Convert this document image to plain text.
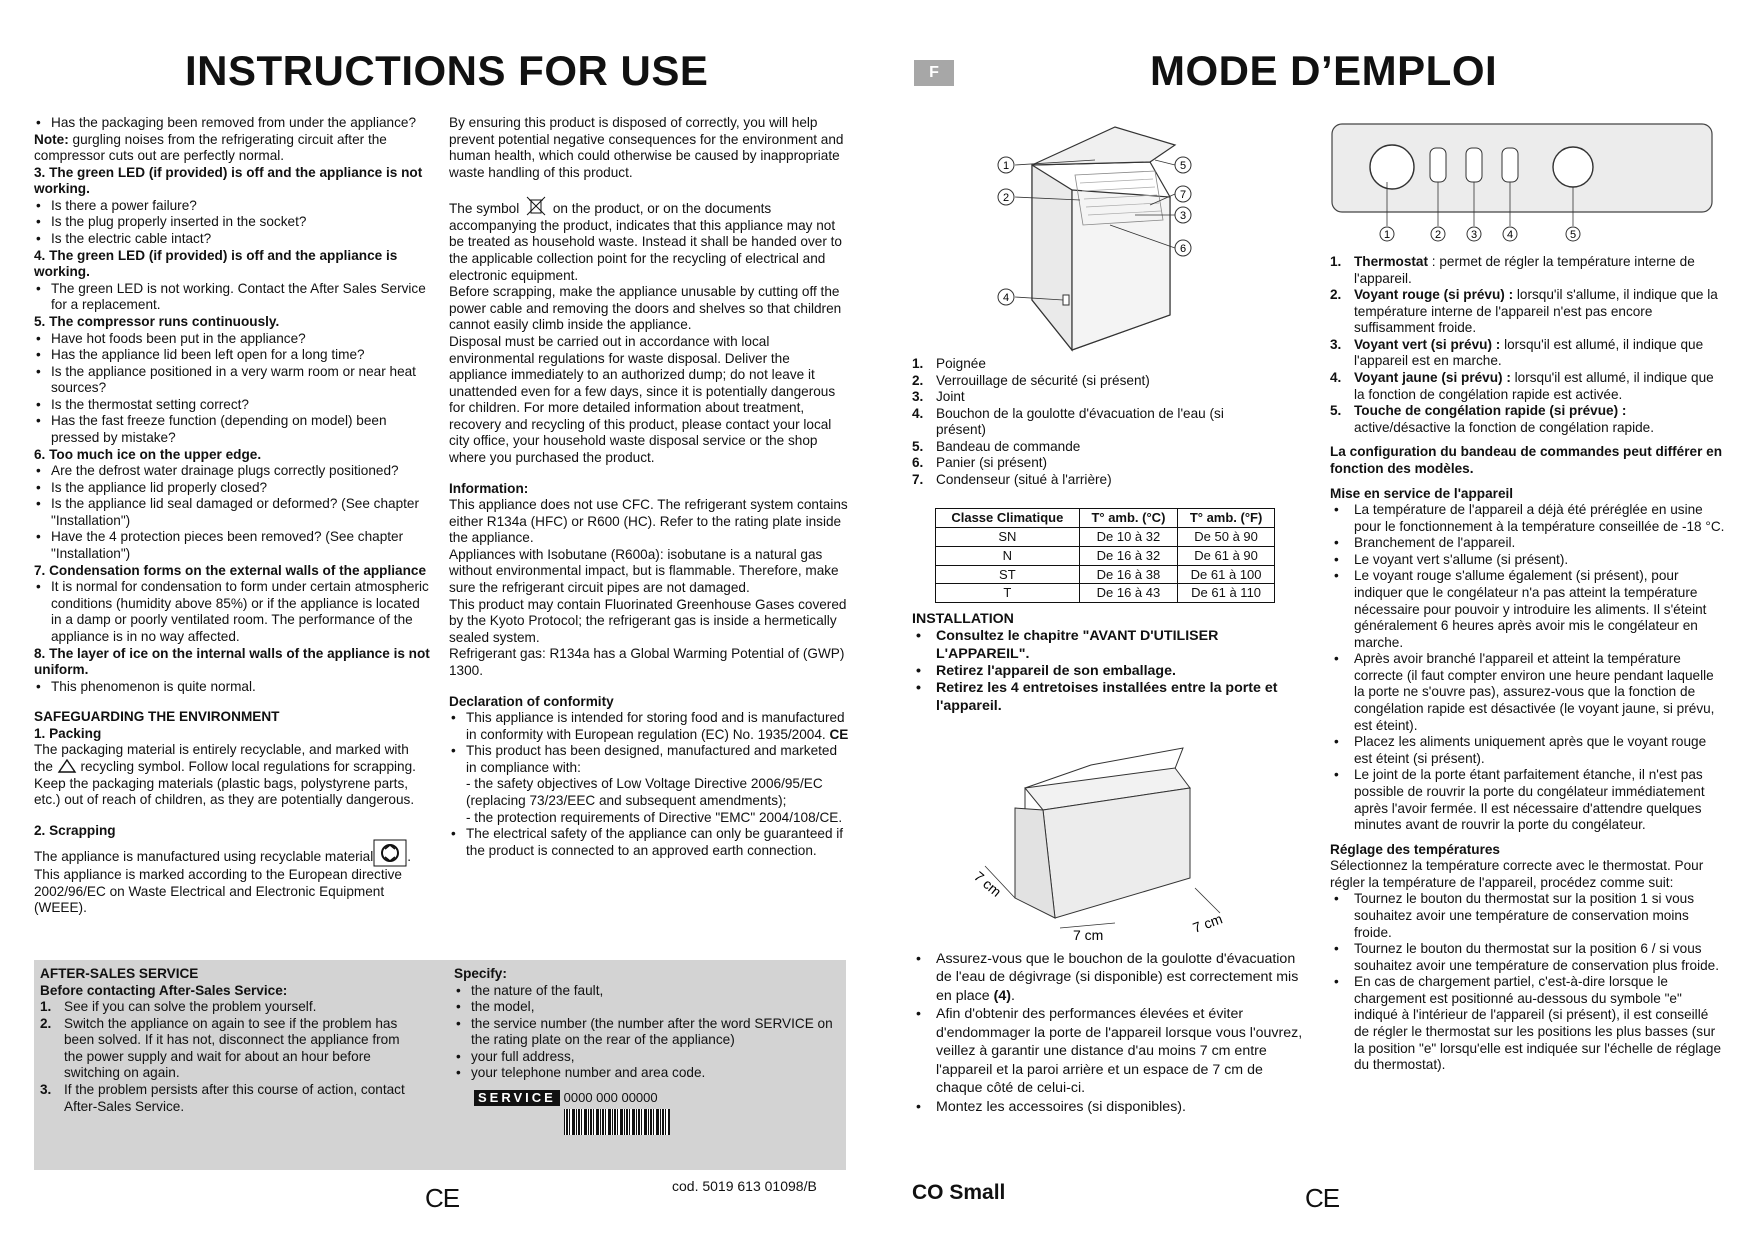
INSTRUCTIONS FOR USE	F	MODE D’EMPLOI
• Has the packaging been removed from under the appliance?

Note: gurgling noises from the refrigerating circuit after the compressor cuts out are perfectly normal.

3. The green LED (if provided) is off and the appliance is not working.

• Is there a power failure?
• Is the plug properly inserted in the socket?
• Is the electric cable intact?

4. The green LED (if provided) is off and the appliance is working.

• The green LED is not working. Contact the After Sales Service for a replacement.

5. The compressor runs continuously.

• Have hot foods been put in the appliance?
• Has the appliance lid been left open for a long time?
• Is the appliance positioned in a very warm room or near heat sources?
• Is the thermostat setting correct?
• Has the fast freeze function (depending on model) been pressed by mistake?

6. Too much ice on the upper edge.

• Are the defrost water drainage plugs correctly positioned?
• Is the appliance lid properly closed?
• Is the appliance lid seal damaged or deformed? (See chapter "Installation")
• Have the 4 protection pieces been removed? (See chapter "Installation")

7. Condensation forms on the external walls of the appliance

• It is normal for condensation to form under certain atmospheric conditions (humidity above 85%) or if the appliance is located in a damp or poorly ventilated room. The performance of the appliance is in no way affected.

8. The layer of ice on the internal walls of the appliance is not uniform.

• This phenomenon is quite normal.

SAFEGUARDING THE ENVIRONMENT

1. Packing

The packaging material is entirely recyclable, and marked with the recycling symbol. Follow local regulations for scrapping. Keep the packaging materials (plastic bags, polystyrene parts, etc.) out of reach of children, as they are potentially dangerous.

2. Scrapping

The appliance is manufactured using recyclable material	. This appliance is marked according to the European directive 2002/96/EC on Waste Electrical and Electronic Equipment (WEEE).

By ensuring this product is disposed of correctly, you will help prevent potential negative consequences for the environment and human health, which could otherwise be caused by inappropriate waste handling of this product.

The symbol on the product, or on the documents accompanying the product, indicates that this appliance may not be treated as household waste. Instead it shall be handed over to the applicable collection point for the recycling of electrical and electronic equipment.

Before scrapping, make the appliance unusable by cutting off the power cable and removing the doors and shelves so that children cannot easily climb inside the appliance.

Disposal must be carried out in accordance with local environmental regulations for waste disposal. Deliver the appliance immediately to an authorized dump; do not leave it unattended even for a few days, since it is potentially dangerous for children. For more detailed information about treatment, recovery and recycling of this product, please contact your local city office, your household waste disposal service or the shop where you purchased the product.

Information:

This appliance does not use CFC. The refrigerant system contains either R134a (HFC) or R600 (HC). Refer to the rating plate inside the appliance.

Appliances with Isobutane (R600a): isobutane is a natural gas without environmental impact, but is flammable. Therefore, make sure the refrigerant circuit pipes are not damaged.

This product may contain Fluorinated Greenhouse Gases covered by the Kyoto Protocol; the refrigerant gas is inside a hermetically sealed system.

Refrigerant gas: R134a has a Global Warming Potential of (GWP) 1300.

Declaration of conformity

• This appliance is intended for storing food and is manufactured in conformity with European regulation (EC) No. 1935/2004. CE
• This product has been designed, manufactured and marketed in compliance with:
- the safety objectives of Low Voltage Directive 2006/95/EC (replacing 73/23/EEC and subsequent amendments);
- the protection requirements of Directive "EMC" 2004/108/CE.
• The electrical safety of the appliance can only be guaranteed if the product is connected to an approved earth connection.

AFTER-SALES SERVICE

Before contacting After-Sales Service:

1. See if you can solve the problem yourself.
2. Switch the appliance on again to see if the problem has been solved. If it has not, disconnect the appliance from the power supply and wait for about an hour before switching on again.
3. If the problem persists after this course of action, contact After-Sales Service.

Specify:

• the nature of the fault,
• the model,
• the service number (the number after the word SERVICE on the rating plate on the rear of the appliance)
• your full address,
• your telephone number and area code.
SERVICE 0000 000 00000
cod. 5019 613 01098/B
CE
1
2
4
5
7
3
6
1. Poignée
2. Verrouillage de sécurité (si présent)
3. Joint
4. Bouchon de la goulotte d'évacuation de l'eau (si présent)
5. Bandeau de commande
6. Panier (si présent)
7. Condenseur (situé à l'arrière)
Classe Climatique	T° amb. (°C)	T° amb. (°F)
SN	De 10 à 32	De 50 à 90
N	De 16 à 32	De 61 à 90
ST	De 16 à 38	De 61 à 100
T	De 16 à 43	De 61 à 110

INSTALLATION

• Consultez le chapitre "AVANT D'UTILISER L'APPAREIL".
• Retirez l'appareil de son emballage.
• Retirez les 4 entretoises installées entre la porte et l'appareil.
7 cm
7 cm	7 cm
• Assurez-vous que le bouchon de la goulotte d'évacuation de l'eau de dégivrage (si disponible) est correctement mis en place (4).
• Afin d'obtenir des performances élevées et éviter d'endommager la porte de l'appareil lorsque vous l'ouvrez, veillez à garantir une distance d'au moins 7 cm entre l'appareil et la paroi arrière et un espace de 7 cm de chaque côté de celui-ci.
• Montez les accessoires (si disponibles).
CO Small
1	2	3	4	5
1. Thermostat : permet de régler la température interne de l'appareil.
2. Voyant rouge (si prévu) : lorsqu'il s'allume, il indique que la température interne de l'appareil n'est pas encore suffisamment froide.
3. Voyant vert (si prévu) : lorsqu'il est allumé, il indique que l'appareil est en marche.
4. Voyant jaune (si prévu) : lorsqu'il est allumé, il indique que la fonction de congélation rapide est activée.
5. Touche de congélation rapide (si prévue) : active/désactive la fonction de congélation rapide.

La configuration du bandeau de commandes peut différer en fonction des modèles.

Mise en service de l'appareil

• La température de l'appareil a déjà été préréglée en usine pour le fonctionnement à la température conseillée de -18 °C.
• Branchement de l'appareil.
• Le voyant vert s'allume (si présent).
• Le voyant rouge s'allume également (si présent), pour indiquer que le congélateur n'a pas atteint la température nécessaire pour pouvoir y introduire les aliments. Il s'éteint généralement 6 heures après avoir mis le congélateur en marche.
• Après avoir branché l'appareil et atteint la température correcte (il faut compter environ une heure pendant laquelle la porte ne s'ouvre pas), assurez-vous que la fonction de congélation rapide est désactivée (le voyant jaune, si prévu, est éteint).
• Placez les aliments uniquement après que le voyant rouge est éteint (si présent).
• Le joint de la porte étant parfaitement étanche, il n'est pas possible de rouvrir la porte du congélateur immédiatement après l'avoir fermée. Il est nécessaire d'attendre quelques minutes avant de rouvrir la porte du congélateur.

Réglage des températures

Sélectionnez la température correcte avec le thermostat. Pour régler la température de l'appareil, procédez comme suit:

• Tournez le bouton du thermostat sur la position 1 si vous souhaitez avoir une température de conservation moins froide.
• Tournez le bouton du thermostat sur la position 6 / si vous souhaitez avoir une température de conservation plus froide.
• En cas de chargement partiel, c'est-à-dire lorsque le chargement est positionné au-dessous du symbole "e" indiqué à l'intérieur de l'appareil (si présent), il est conseillé de régler le thermostat sur les positions les plus basses (sur la position "e" lorsqu'elle est indiquée sur l'échelle de réglage du thermostat).
CE
